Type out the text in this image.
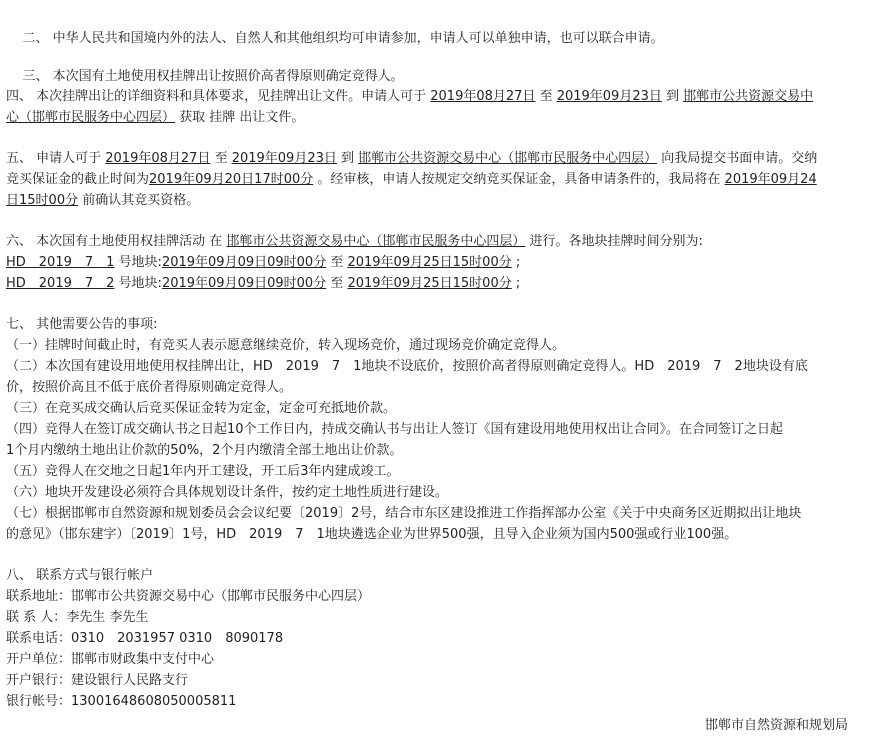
二、 中华人民共和国境内外的法人、自然人和其他组织均可申请参加，申请人可以单独申请，也可以联合申请。

三、 本次国有土地使用权挂牌出让按照价高者得原则确定竞得人。

四、 本次挂牌出让的详细资料和具体要求，见挂牌出让文件。申请人可于 2019年08月27日 至 2019年09月23日 到 邯郸市公共资源交易中
心（邯郸市民服务中心四层） 获取 挂牌 出让文件。
五、 申请人可于 2019年08月27日 至 2019年09月23日 到 邯郸市公共资源交易中心（邯郸市民服务中心四层） 向我局提交书面申请。交纳
竞买保证金的截止时间为2019年09月20日17时00分 。经审核，申请人按规定交纳竞买保证金，具备申请条件的，我局将在 2019年09月24
日15时00分 前确认其竞买资格。
六、 本次国有土地使用权挂牌活动 在 邯郸市公共资源交易中心（邯郸市民服务中心四层） 进行。各地块挂牌时间分别为:
HD　2019　7　1 号地块:2019年09月09日09时00分 至 2019年09月25日15时00分 ;
HD　2019　7　2 号地块:2019年09月09日09时00分 至 2019年09月25日15时00分 ;
七、 其他需要公告的事项:
（一）挂牌时间截止时，有竞买人表示愿意继续竞价，转入现场竞价，通过现场竞价确定竞得人。
（二）本次国有建设用地使用权挂牌出让，HD　2019　7　1地块不设底价，按照价高者得原则确定竞得人。HD　2019　7　2地块设有底
价，按照价高且不低于底价者得原则确定竞得人。
（三）在竞买成交确认后竞买保证金转为定金，定金可充抵地价款。
（四）竞得人在签订成交确认书之日起10个工作日内，持成交确认书与出让人签订《国有建设用地使用权出让合同》。在合同签订之日起
1个月内缴纳土地出让价款的50%，2个月内缴清全部土地出让价款。
（五）竞得人在交地之日起1年内开工建设，开工后3年内建成竣工。
（六）地块开发建设必须符合具体规划设计条件，按约定土地性质进行建设。
（七）根据邯郸市自然资源和规划委员会会议纪要〔2019〕2号，结合市东区建设推进工作指挥部办公室《关于中央商务区近期拟出让地块
的意见》（邯东建字）〔2019〕1号，HD　2019　7　1地块遴选企业为世界500强，且导入企业须为国内500强或行业100强。
八、 联系方式与银行帐户
联系地址：邯郸市公共资源交易中心（邯郸市民服务中心四层）
联 系 人：李先生 李先生
联系电话：0310　2031957 0310　8090178
开户单位：邯郸市财政集中支付中心
开户银行：建设银行人民路支行
银行帐号：13001648608050005811
邯郸市自然资源和规划局
